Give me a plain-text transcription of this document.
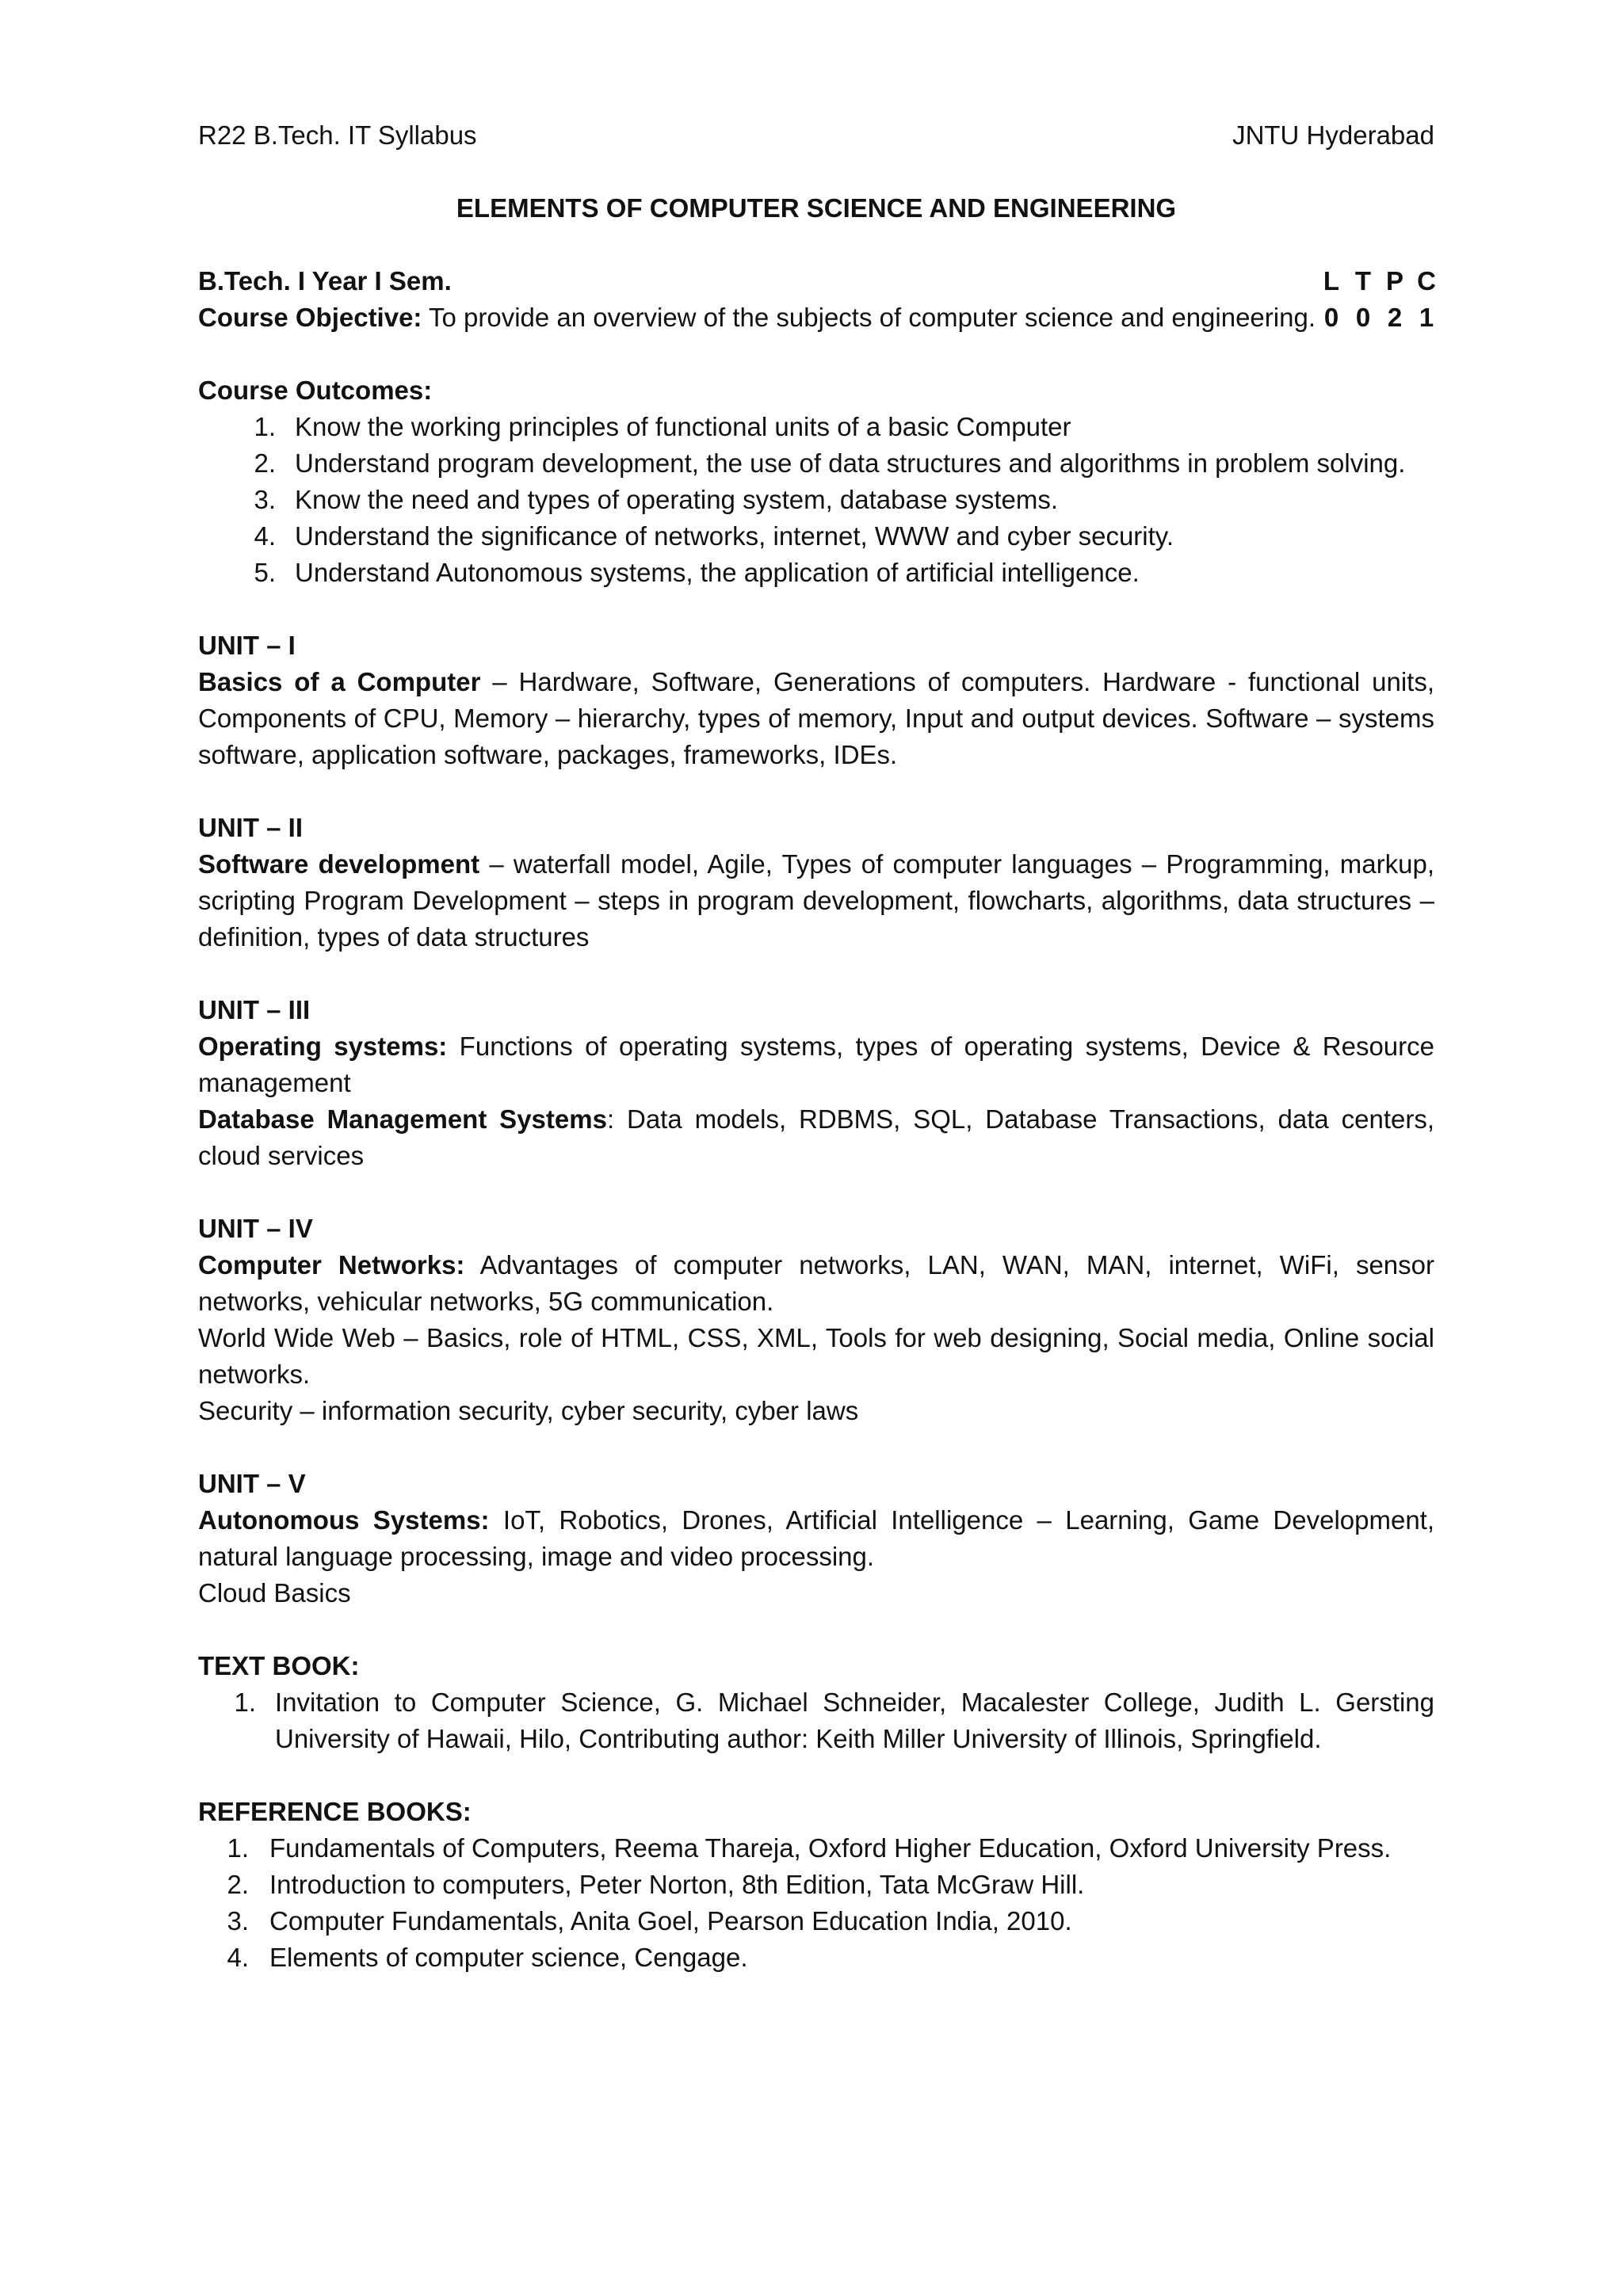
R22 B.Tech. IT Syllabus	JNTU Hyderabad
ELEMENTS OF COMPUTER SCIENCE AND ENGINEERING
B.Tech. I Year I Sem.	L T P C
0 0 2 1
Course Objective: To provide an overview of the subjects of computer science and engineering.
Course Outcomes:
1. Know the working principles of functional units of a basic Computer
2. Understand program development, the use of data structures and algorithms in problem solving.
3. Know the need and types of operating system, database systems.
4. Understand the significance of networks, internet, WWW and cyber security.
5. Understand Autonomous systems, the application of artificial intelligence.
UNIT – I
Basics of a Computer – Hardware, Software, Generations of computers. Hardware - functional units, Components of CPU, Memory – hierarchy, types of memory, Input and output devices. Software – systems software, application software, packages, frameworks, IDEs.
UNIT – II
Software development – waterfall model, Agile, Types of computer languages – Programming, markup, scripting Program Development – steps in program development, flowcharts, algorithms, data structures – definition, types of data structures
UNIT – III
Operating systems: Functions of operating systems, types of operating systems, Device & Resource management
Database Management Systems: Data models, RDBMS, SQL, Database Transactions, data centers, cloud services
UNIT – IV
Computer Networks: Advantages of computer networks, LAN, WAN, MAN, internet, WiFi, sensor networks, vehicular networks, 5G communication.
World Wide Web – Basics, role of HTML, CSS, XML, Tools for web designing, Social media, Online social networks.
Security – information security, cyber security, cyber laws
UNIT – V
Autonomous Systems: IoT, Robotics, Drones, Artificial Intelligence – Learning, Game Development, natural language processing, image and video processing.
Cloud Basics
TEXT BOOK:
1. Invitation to Computer Science, G. Michael Schneider, Macalester College, Judith L. Gersting University of Hawaii, Hilo, Contributing author: Keith Miller University of Illinois, Springfield.
REFERENCE BOOKS:
1. Fundamentals of Computers, Reema Thareja, Oxford Higher Education, Oxford University Press.
2. Introduction to computers, Peter Norton, 8th Edition, Tata McGraw Hill.
3. Computer Fundamentals, Anita Goel, Pearson Education India, 2010.
4. Elements of computer science, Cengage.
